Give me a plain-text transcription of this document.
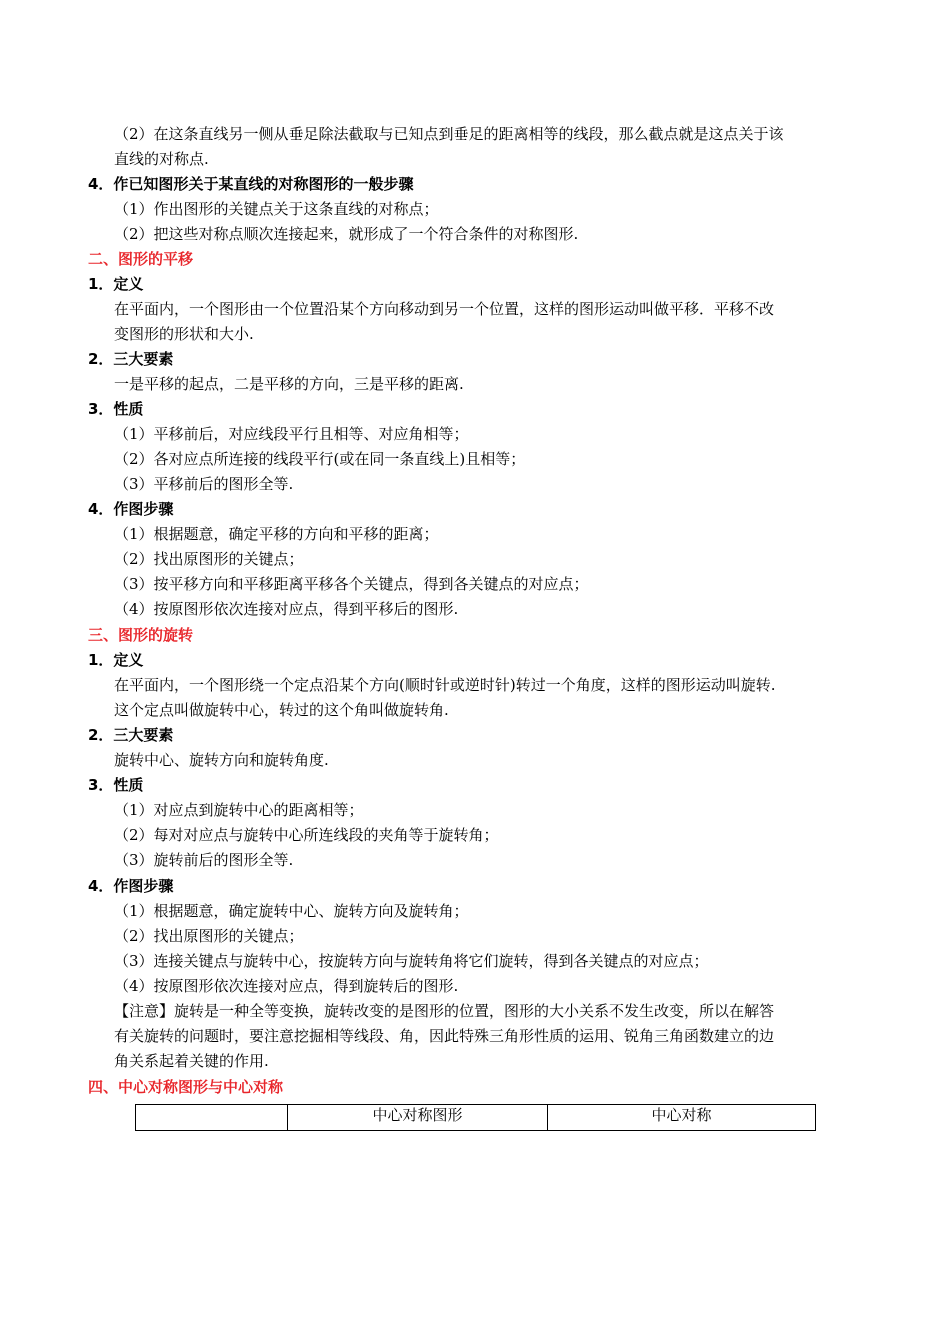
（2）在这条直线另一侧从垂足除法截取与已知点到垂足的距离相等的线段，那么截点就是这点关于该
直线的对称点.
4．作已知图形关于某直线的对称图形的一般步骤
（1）作出图形的关键点关于这条直线的对称点；
（2）把这些对称点顺次连接起来，就形成了一个符合条件的对称图形.
二、图形的平移
1．定义
在平面内，一个图形由一个位置沿某个方向移动到另一个位置，这样的图形运动叫做平移．平移不改
变图形的形状和大小.
2．三大要素
一是平移的起点，二是平移的方向，三是平移的距离.
3．性质
（1）平移前后，对应线段平行且相等、对应角相等；
（2）各对应点所连接的线段平行(或在同一条直线上)且相等；
（3）平移前后的图形全等.
4．作图步骤
（1）根据题意，确定平移的方向和平移的距离；
（2）找出原图形的关键点；
（3）按平移方向和平移距离平移各个关键点，得到各关键点的对应点；
（4）按原图形依次连接对应点，得到平移后的图形.
三、图形的旋转
1．定义
在平面内，一个图形绕一个定点沿某个方向(顺时针或逆时针)转过一个角度，这样的图形运动叫旋转.
这个定点叫做旋转中心，转过的这个角叫做旋转角.
2．三大要素
旋转中心、旋转方向和旋转角度.
3．性质
（1）对应点到旋转中心的距离相等；
（2）每对对应点与旋转中心所连线段的夹角等于旋转角；
（3）旋转前后的图形全等.
4．作图步骤
（1）根据题意，确定旋转中心、旋转方向及旋转角；
（2）找出原图形的关键点；
（3）连接关键点与旋转中心，按旋转方向与旋转角将它们旋转，得到各关键点的对应点；
（4）按原图形依次连接对应点，得到旋转后的图形.
【注意】旋转是一种全等变换，旋转改变的是图形的位置，图形的大小关系不发生改变，所以在解答
有关旋转的问题时，要注意挖掘相等线段、角，因此特殊三角形性质的运用、锐角三角函数建立的边
角关系起着关键的作用.
四、中心对称图形与中心对称
	中心对称图形	中心对称
